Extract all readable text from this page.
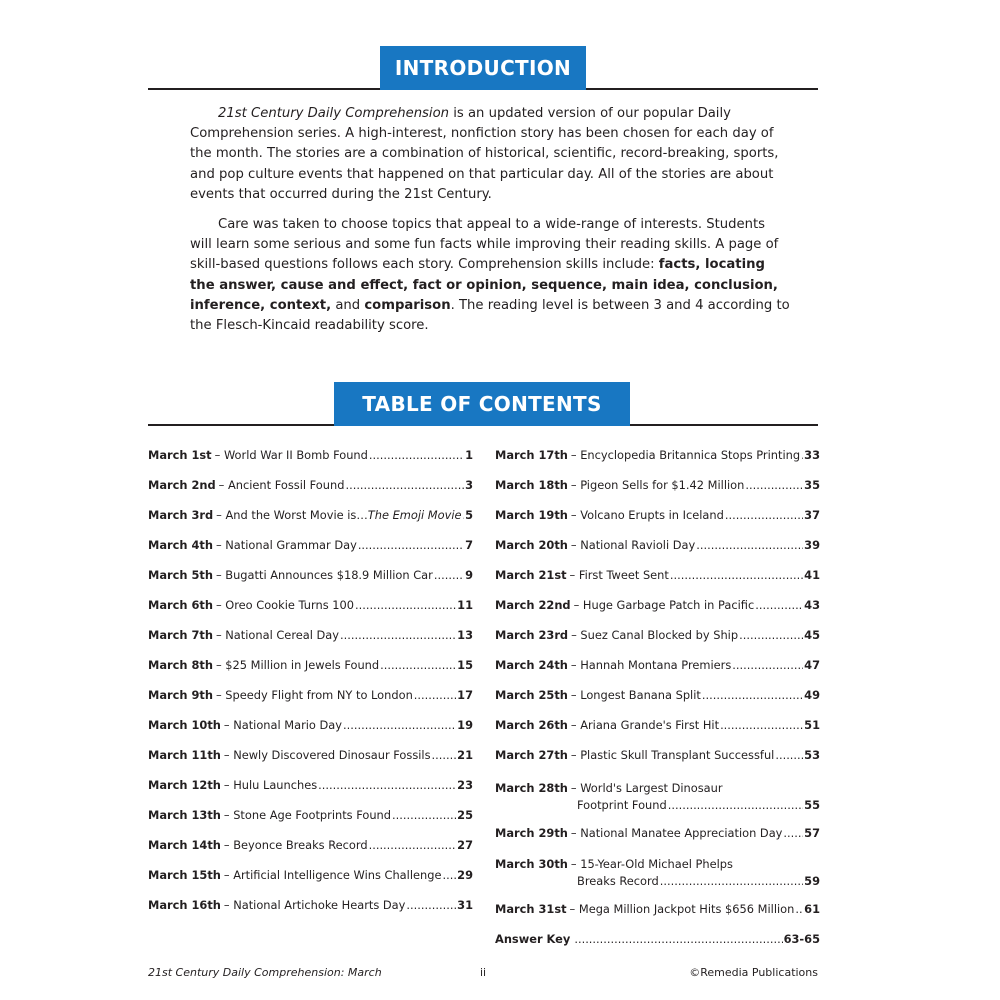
INTRODUCTION

21st Century Daily Comprehension is an updated version of our popular Daily Comprehension series. A high-interest, nonfiction story has been chosen for each day of the month. The stories are a combination of historical, scientific, record-breaking, sports, and pop culture events that happened on that particular day. All of the stories are about events that occurred during the 21st Century.

Care was taken to choose topics that appeal to a wide-range of interests. Students will learn some serious and some fun facts while improving their reading skills. A page of skill-based questions follows each story. Comprehension skills include: facts, locating the answer, cause and effect, fact or opinion, sequence, main idea, conclusion, inference, context, and comparison. The reading level is between 3 and 4 according to the Flesch-Kincaid readability score.

TABLE OF CONTENTS
March 1st – World War II Bomb Found .....	1
March 2nd – Ancient Fossil Found .....	3
March 3rd – And the Worst Movie is…The Emoji Movie ..... 5
March 4th – National Grammar Day .....	7
March 5th – Bugatti Announces $18.9 Million Car .....	9
March 6th – Oreo Cookie Turns 100 .....	11
March 7th – National Cereal Day .....	13
March 8th – $25 Million in Jewels Found .....	15
March 9th – Speedy Flight from NY to London .....	17
March 10th – National Mario Day .....	19
March 11th – Newly Discovered Dinosaur Fossils ..... 21
March 12th – Hulu Launches .....	23
March 13th – Stone Age Footprints Found .....	25
March 14th – Beyonce Breaks Record .....	27
March 15th – Artificial Intelligence Wins Challenge ..... 29
March 16th – National Artichoke Hearts Day .....	31
March 17th – Encyclopedia Britannica Stops Printing ..... 33
March 18th – Pigeon Sells for $1.42 Million .....	35
March 19th – Volcano Erupts in Iceland .....	37
March 20th – National Ravioli Day .....	39
March 21st – First Tweet Sent .....	41
March 22nd – Huge Garbage Patch in Pacific .....	43
March 23rd – Suez Canal Blocked by Ship .....	45
March 24th – Hannah Montana Premiers .....	47
March 25th – Longest Banana Split .....	49
March 26th – Ariana Grande's First Hit .....	51
March 27th – Plastic Skull Transplant Successful .....	53
March 28th – World's Largest Dinosaur
Footprint Found .....	55
March 29th – National Manatee Appreciation Day ..... 57
March 30th – 15-Year-Old Michael Phelps
Breaks Record .....	59
March 31st – Mega Million Jackpot Hits $656 Million ..... 61
Answer Key .....	63-65
21st Century Daily Comprehension: March	ii	©Remedia Publications
